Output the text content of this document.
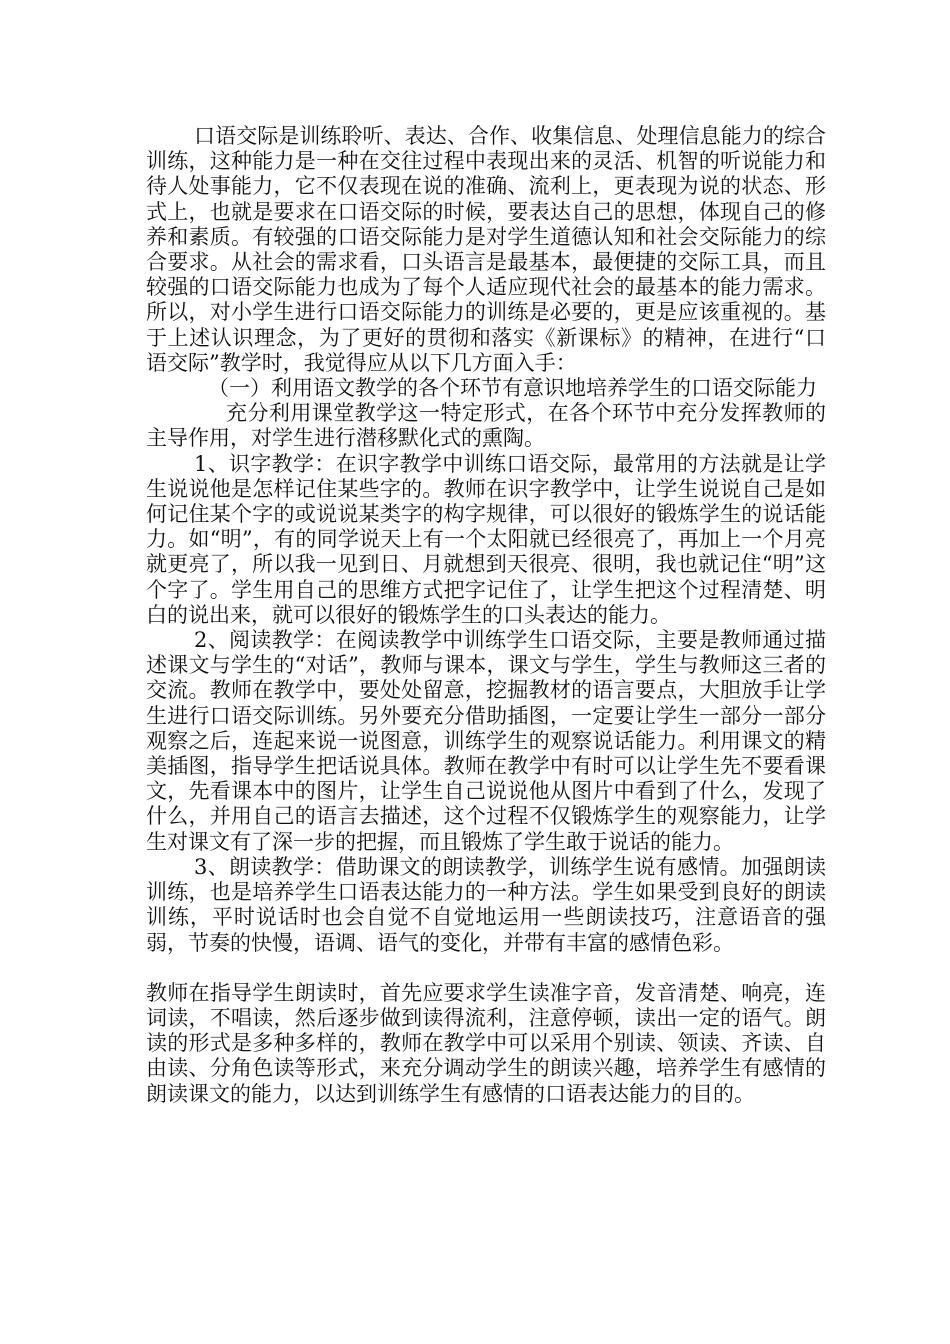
口语交际是训练聆听、表达、合作、收集信息、处理信息能力的综合训练，这种能力是一种在交往过程中表现出来的灵活、机智的听说能力和待人处事能力，它不仅表现在说的准确、流利上，更表现为说的状态、形式上，也就是要求在口语交际的时候，要表达自己的思想，体现自己的修养和素质。有较强的口语交际能力是对学生道德认知和社会交际能力的综合要求。从社会的需求看，口头语言是最基本，最便捷的交际工具，而且较强的口语交际能力也成为了每个人适应现代社会的最基本的能力需求。所以，对小学生进行口语交际能力的训练是必要的，更是应该重视的。基于上述认识理念，为了更好的贯彻和落实《新课标》的精神，在进行“口语交际”教学时，我觉得应从以下几方面入手：

（一）利用语文教学的各个环节有意识地培养学生的口语交际能力

充分利用课堂教学这一特定形式，在各个环节中充分发挥教师的主导作用，对学生进行潜移默化式的熏陶。

1、识字教学：在识字教学中训练口语交际，最常用的方法就是让学生说说他是怎样记住某些字的。教师在识字教学中，让学生说说自己是如何记住某个字的或说说某类字的构字规律，可以很好的锻炼学生的说话能力。如“明”，有的同学说天上有一个太阳就已经很亮了，再加上一个月亮就更亮了，所以我一见到日、月就想到天很亮、很明，我也就记住“明”这个字了。学生用自己的思维方式把字记住了，让学生把这个过程清楚、明白的说出来，就可以很好的锻炼学生的口头表达的能力。

2、阅读教学：在阅读教学中训练学生口语交际，主要是教师通过描述课文与学生的“对话”，教师与课本，课文与学生，学生与教师这三者的交流。教师在教学中，要处处留意，挖掘教材的语言要点，大胆放手让学生进行口语交际训练。另外要充分借助插图，一定要让学生一部分一部分观察之后，连起来说一说图意，训练学生的观察说话能力。利用课文的精美插图，指导学生把话说具体。教师在教学中有时可以让学生先不要看课文，先看课本中的图片，让学生自己说说他从图片中看到了什么，发现了什么，并用自己的语言去描述，这个过程不仅锻炼学生的观察能力，让学生对课文有了深一步的把握，而且锻炼了学生敢于说话的能力。

3、朗读教学：借助课文的朗读教学，训练学生说有感情。加强朗读训练，也是培养学生口语表达能力的一种方法。学生如果受到良好的朗读训练，平时说话时也会自觉不自觉地运用一些朗读技巧，注意语音的强弱，节奏的快慢，语调、语气的变化，并带有丰富的感情色彩。

教师在指导学生朗读时，首先应要求学生读准字音，发音清楚、响亮，连词读，不唱读，然后逐步做到读得流利，注意停顿，读出一定的语气。朗读的形式是多种多样的，教师在教学中可以采用个别读、领读、齐读、自由读、分角色读等形式，来充分调动学生的朗读兴趣，培养学生有感情的朗读课文的能力，以达到训练学生有感情的口语表达能力的目的。
